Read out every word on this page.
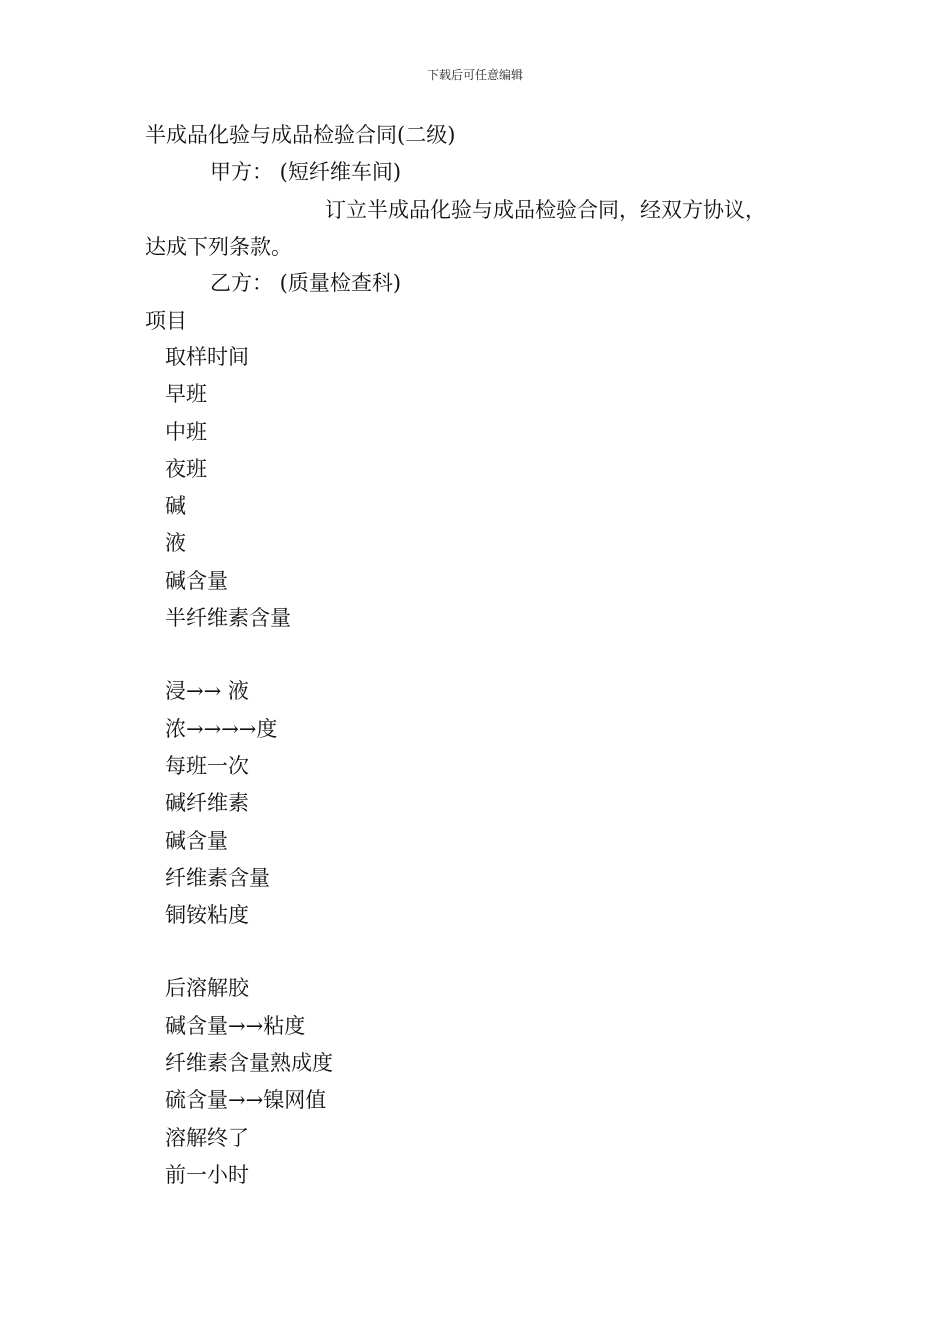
下载后可任意编辑
半成品化验与成品检验合同(二级)
甲方： (短纤维车间)
订立半成品化验与成品检验合同，经双方协议，
达成下列条款。
乙方： (质量检查科)
项目
取样时间
早班
中班
夜班
碱
液
碱含量
半纤维素含量
浸→→ 液
浓→→→→度
每班一次
碱纤维素
碱含量
纤维素含量
铜铵粘度
后溶解胶
碱含量→→粘度
纤维素含量熟成度
硫含量→→镍网值
溶解终了
前一小时
